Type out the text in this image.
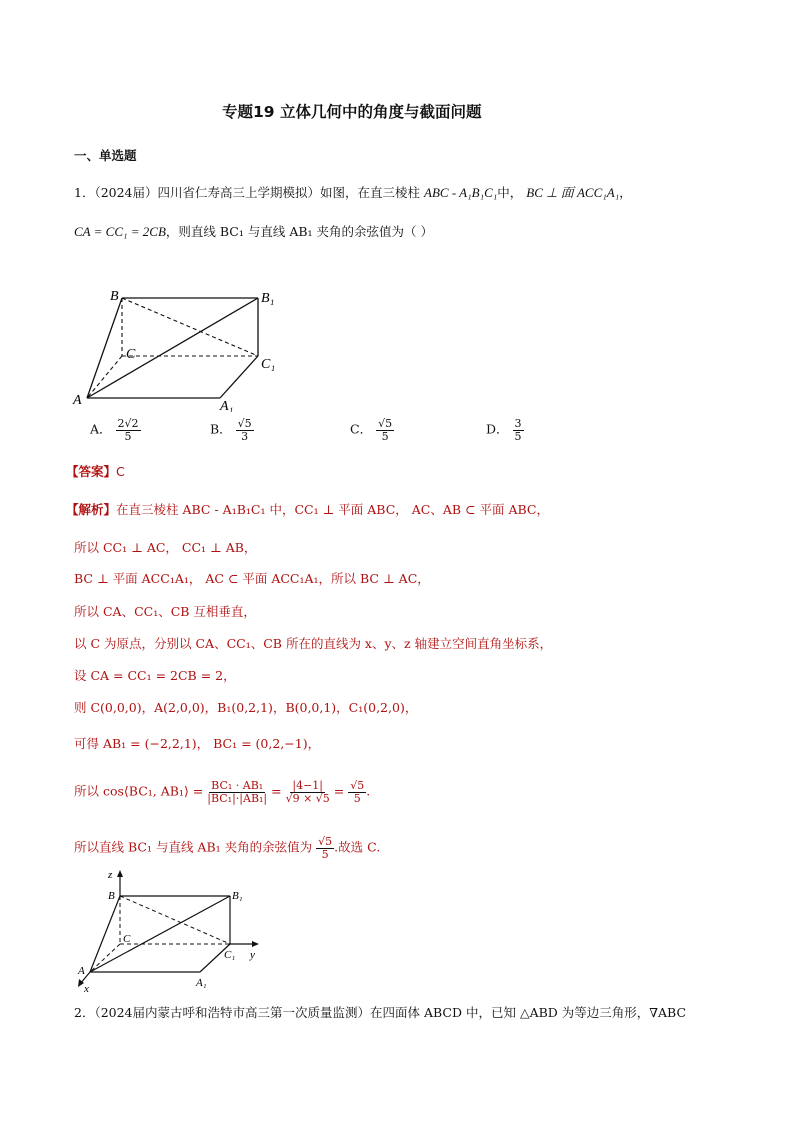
专题19 立体几何中的角度与截面问题
一、单选题
1．（2024届）四川省仁寿高三上学期模拟）如图，在直三棱柱 ABC - A₁B₁C₁中， BC ⊥ 面 ACC₁A₁，
CA = CC₁ = 2CB，则直线 BC₁ 与直线 AB₁ 夹角的余弦值为（ ）
B	B₁
C
C₁
A	A₁
A． $\frac{2√2}{5}$	B． $\frac{√5}{3}$	C． $\frac{√5}{5}$	D． $\frac{3}{5}$
【答案】C
【解析】在直三棱柱 ABC - A₁B₁C₁ 中，CC₁ ⊥ 平面 ABC， AC、AB ⊂ 平面 ABC，
所以 CC₁ ⊥ AC， CC₁ ⊥ AB，
BC ⊥ 平面 ACC₁A₁， AC ⊂ 平面 ACC₁A₁，所以 BC ⊥ AC，
所以 CA、CC₁、CB 互相垂直，
以 C 为原点，分别以 CA、CC₁、CB 所在的直线为 x、y、z 轴建立空间直角坐标系，
设 CA = CC₁ = 2CB = 2，
则 C(0,0,0)，A(2,0,0)，B₁(0,2,1)，B(0,0,1)，C₁(0,2,0)，
可得 AB₁ = (−2,2,1)， BC₁ = (0,2,−1)，
所以 cos⟨BC₁, AB₁⟩ = $\frac{\text{BC₁ · AB₁}}{\text{|BC₁|·|AB₁|}} = \frac{|4-1|}{√9 \times √5} = \frac{√5}{5}$ .
所以直线 BC₁ 与直线 AB₁ 夹角的余弦值为 $\frac{√5}{5}$ .故选 C.
z
B	B₁
C
C₁ y
A
A₁
x
2．（2024届内蒙古呼和浩特市高三第一次质量监测）在四面体 ABCD 中，已知 △ABD 为等边三角形，∇ABC
